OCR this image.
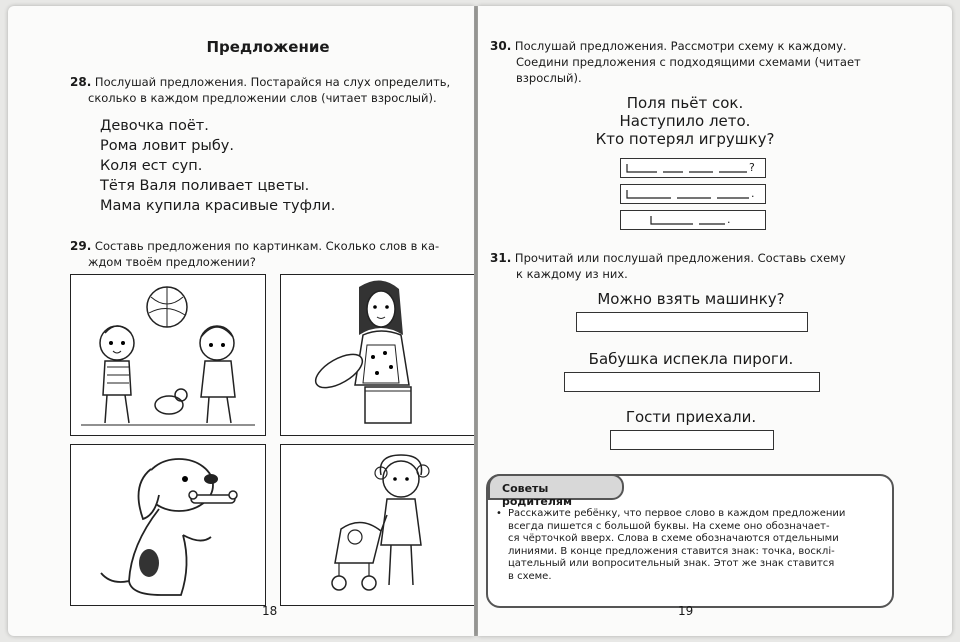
Предложение
28. Послушай предложения. Постарайся на слух определить,
сколько в каждом предложении слов (читает взрослый).
Девочка поёт.
Рома ловит рыбу.
Коля ест суп.
Тётя Валя поливает цветы.
Мама купила красивые туфли.
29. Составь предложения по картинкам. Сколько слов в ка-
ждом твоём предложении?
18
30. Послушай предложения. Рассмотри схему к каждому.
Соедини предложения с подходящими схемами (читает
взрослый).
Поля пьёт сок.
Наступило лето.
Кто потерял игрушку?
?
.
.
31. Прочитай или послушай предложения. Составь схему
к каждому из них.
Можно взять машинку?
Бабушка испекла пироги.
Гости приехали.
Советы родителям
• Расскажите ребёнку, что первое слово в каждом предложении
всегда пишется с большой буквы. На схеме оно обозначает-
ся чёрточкой вверх. Слова в схеме обозначаются отдельными
линиями. В конце предложения ставится знак: точка, восклi-
цательный или вопросительный знак. Этот же знак ставится
в схеме.
19
